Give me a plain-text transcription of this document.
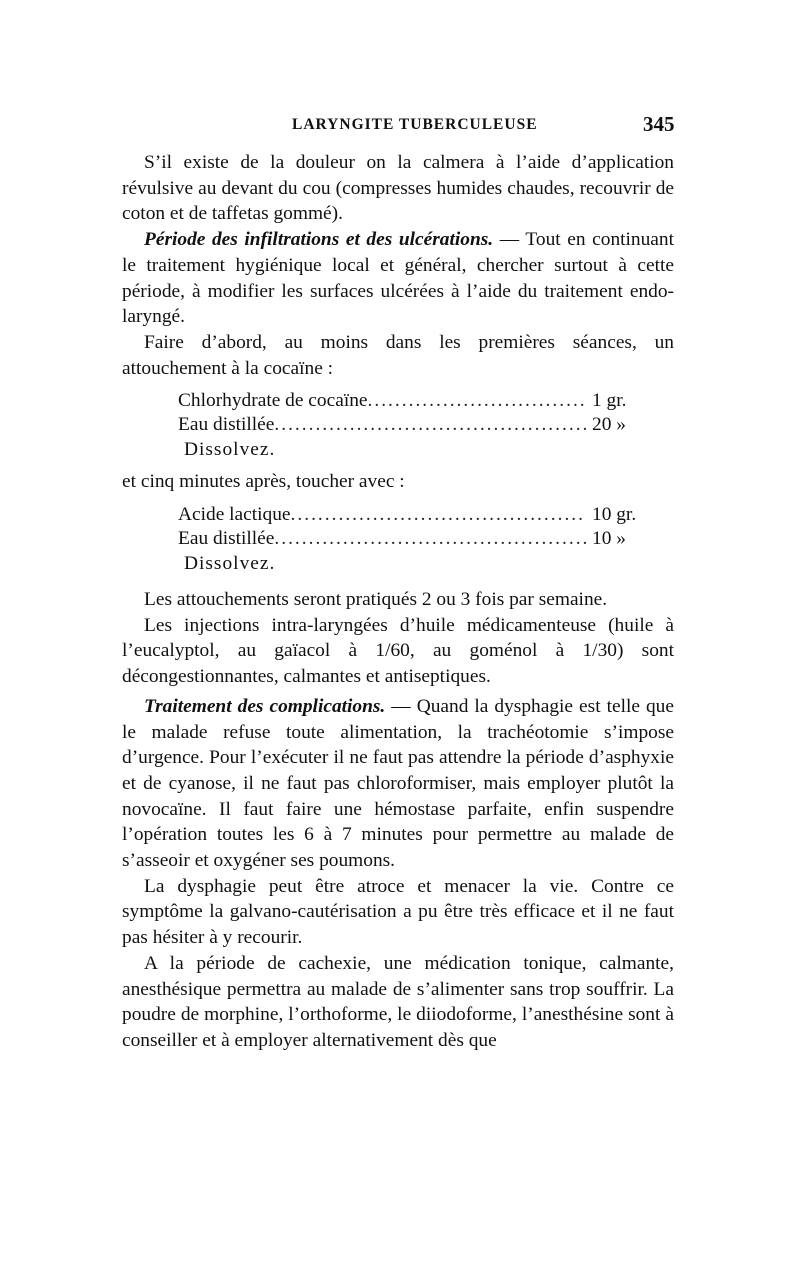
LARYNGITE TUBERCULEUSE	345

S’il existe de la douleur on la calmera à l’aide d’application révulsive au devant du cou (compresses humides chaudes, recouvrir de coton et de taffetas gommé).

Période des infiltrations et des ulcérations. — Tout en continuant le traitement hygiénique local et général, chercher surtout à cette période, à modifier les surfaces ulcérées à l’aide du traitement endo-laryngé.

Faire d’abord, au moins dans les premières séances, un attouchement à la cocaïne :

Chlorhydrate de cocaïne .....	1 gr.
Eau distillée .....	20 »
Dissolvez.

et cinq minutes après, toucher avec :

Acide lactique .....	10 gr.
Eau distillée .....	10 »
Dissolvez.

Les attouchements seront pratiqués 2 ou 3 fois par semaine.

Les injections intra-laryngées d’huile médicamenteuse (huile à l’eucalyptol, au gaïacol à 1/60, au goménol à 1/30) sont décongestionnantes, calmantes et antiseptiques.

Traitement des complications. — Quand la dysphagie est telle que le malade refuse toute alimentation, la trachéotomie s’impose d’urgence. Pour l’exécuter il ne faut pas attendre la période d’asphyxie et de cyanose, il ne faut pas chloroformiser, mais employer plutôt la novocaïne. Il faut faire une hémostase parfaite, enfin suspendre l’opération toutes les 6 à 7 minutes pour permettre au malade de s’asseoir et oxygéner ses poumons.

La dysphagie peut être atroce et menacer la vie. Contre ce symptôme la galvano-cautérisation a pu être très efficace et il ne faut pas hésiter à y recourir.

A la période de cachexie, une médication tonique, calmante, anesthésique permettra au malade de s’alimenter sans trop souffrir. La poudre de morphine, l’orthoforme, le diiodoforme, l’anesthésine sont à conseiller et à employer alternativement dès que
